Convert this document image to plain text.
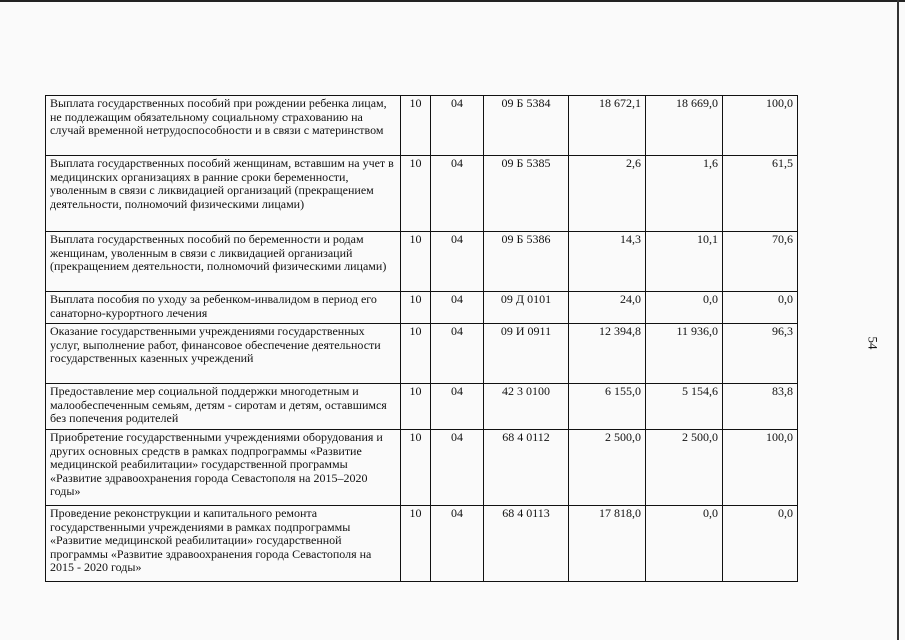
54
Выплата государственных пособий при рождении ребенка лицам, не подлежащим обязательному социальному страхованию на случай временной нетрудоспособности и в связи с материнством	10	04	09 Б 5384	18 672,1	18 669,0	100,0
Выплата государственных пособий женщинам, вставшим на учет в медицинских организациях в ранние сроки беременности, уволенным в связи с ликвидацией организаций (прекращением деятельности, полномочий физическими лицами)	10	04	09 Б 5385	2,6	1,6	61,5
Выплата государственных пособий по беременности и родам женщинам, уволенным в связи с ликвидацией организаций (прекращением деятельности, полномочий физическими лицами)	10	04	09 Б 5386	14,3	10,1	70,6
Выплата пособия по уходу за ребенком-инвалидом в период его санаторно-курортного лечения	10	04	09 Д 0101	24,0	0,0	0,0
Оказание государственными учреждениями государственных услуг, выполнение работ, финансовое обеспечение деятельности государственных казенных учреждений	10	04	09 И 0911	12 394,8	11 936,0	96,3
Предоставление мер социальной поддержки многодетным и малообеспеченным семьям, детям - сиротам и детям, оставшимся без попечения родителей	10	04	42 3 0100	6 155,0	5 154,6	83,8
Приобретение государственными учреждениями оборудования и других основных средств в рамках подпрограммы «Развитие медицинской реабилитации» государственной программы «Развитие здравоохранения города Севастополя на 2015–2020 годы»	10	04	68 4 0112	2 500,0	2 500,0	100,0
Проведение реконструкции и капитального ремонта государственными учреждениями в рамках подпрограммы «Развитие медицинской реабилитации» государственной программы «Развитие здравоохранения города Севастополя на 2015 - 2020 годы»	10	04	68 4 0113	17 818,0	0,0	0,0
